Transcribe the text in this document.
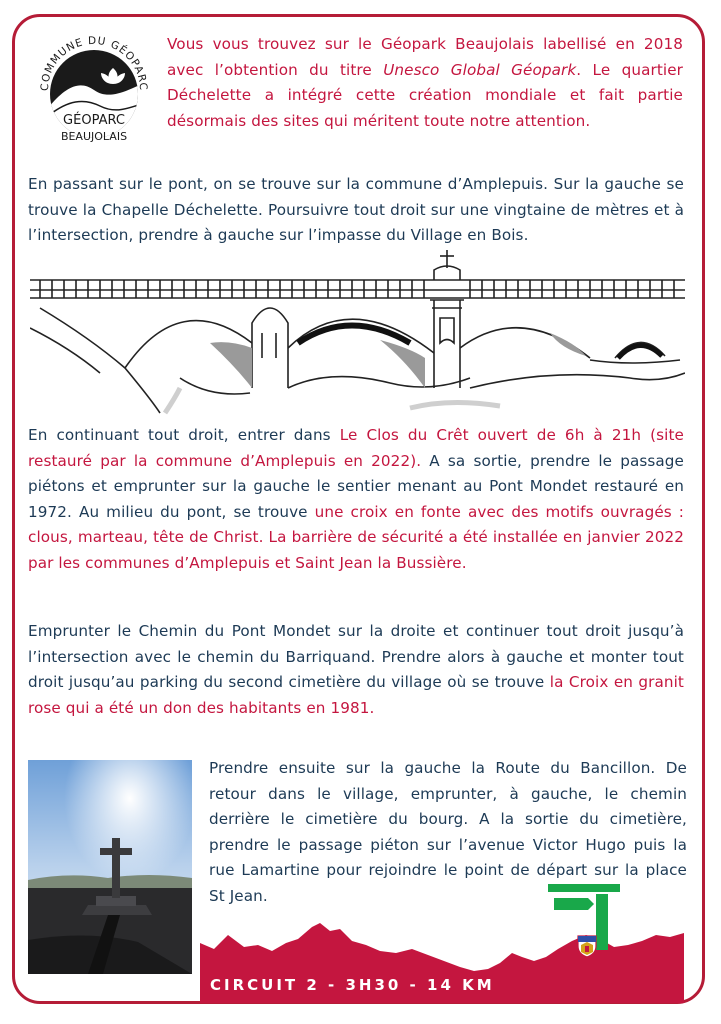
COMMUNE DU GÉOPARC
GÉOPARC
BEAUJOLAIS
Vous vous trouvez sur le Géopark Beaujolais labellisé en 2018 avec l’obtention du titre Unesco Global Géopark. Le quartier Déchelette a intégré cette création mondiale et fait partie désormais des sites qui méritent toute notre attention.
En passant sur le pont, on se trouve sur la commune d’Amplepuis. Sur la gauche se trouve la Chapelle Déchelette. Poursuivre tout droit sur une vingtaine de mètres et à l’intersection, prendre à gauche sur l’impasse du Village en Bois.
En continuant tout droit, entrer dans Le Clos du Crêt ouvert de 6h à 21h (site restauré par la commune d’Amplepuis en 2022). A sa sortie, prendre le passage piétons et emprunter sur la gauche le sentier menant au Pont Mondet restauré en 1972. Au milieu du pont, se trouve une croix en fonte avec des motifs ouvragés : clous, marteau, tête de Christ. La barrière de sécurité a été installée en janvier 2022 par les communes d’Amplepuis et Saint Jean la Bussière.
Emprunter le Chemin du Pont Mondet sur la droite et continuer tout droit jusqu’à l’intersection avec le chemin du Barriquand. Prendre alors à gauche et monter tout droit jusqu’au parking du second cimetière du village où se trouve la Croix en granit rose qui a été un don des habitants en 1981.
Prendre ensuite sur la gauche la Route du Bancillon. De retour dans le village, emprunter, à gauche, le chemin derrière le cimetière du bourg. A la sortie du cimetière, prendre le passage piéton sur l’avenue Victor Hugo puis la rue Lamartine pour rejoindre le point de départ sur la place St Jean.
CIRCUIT 2 - 3H30 - 14 KM
